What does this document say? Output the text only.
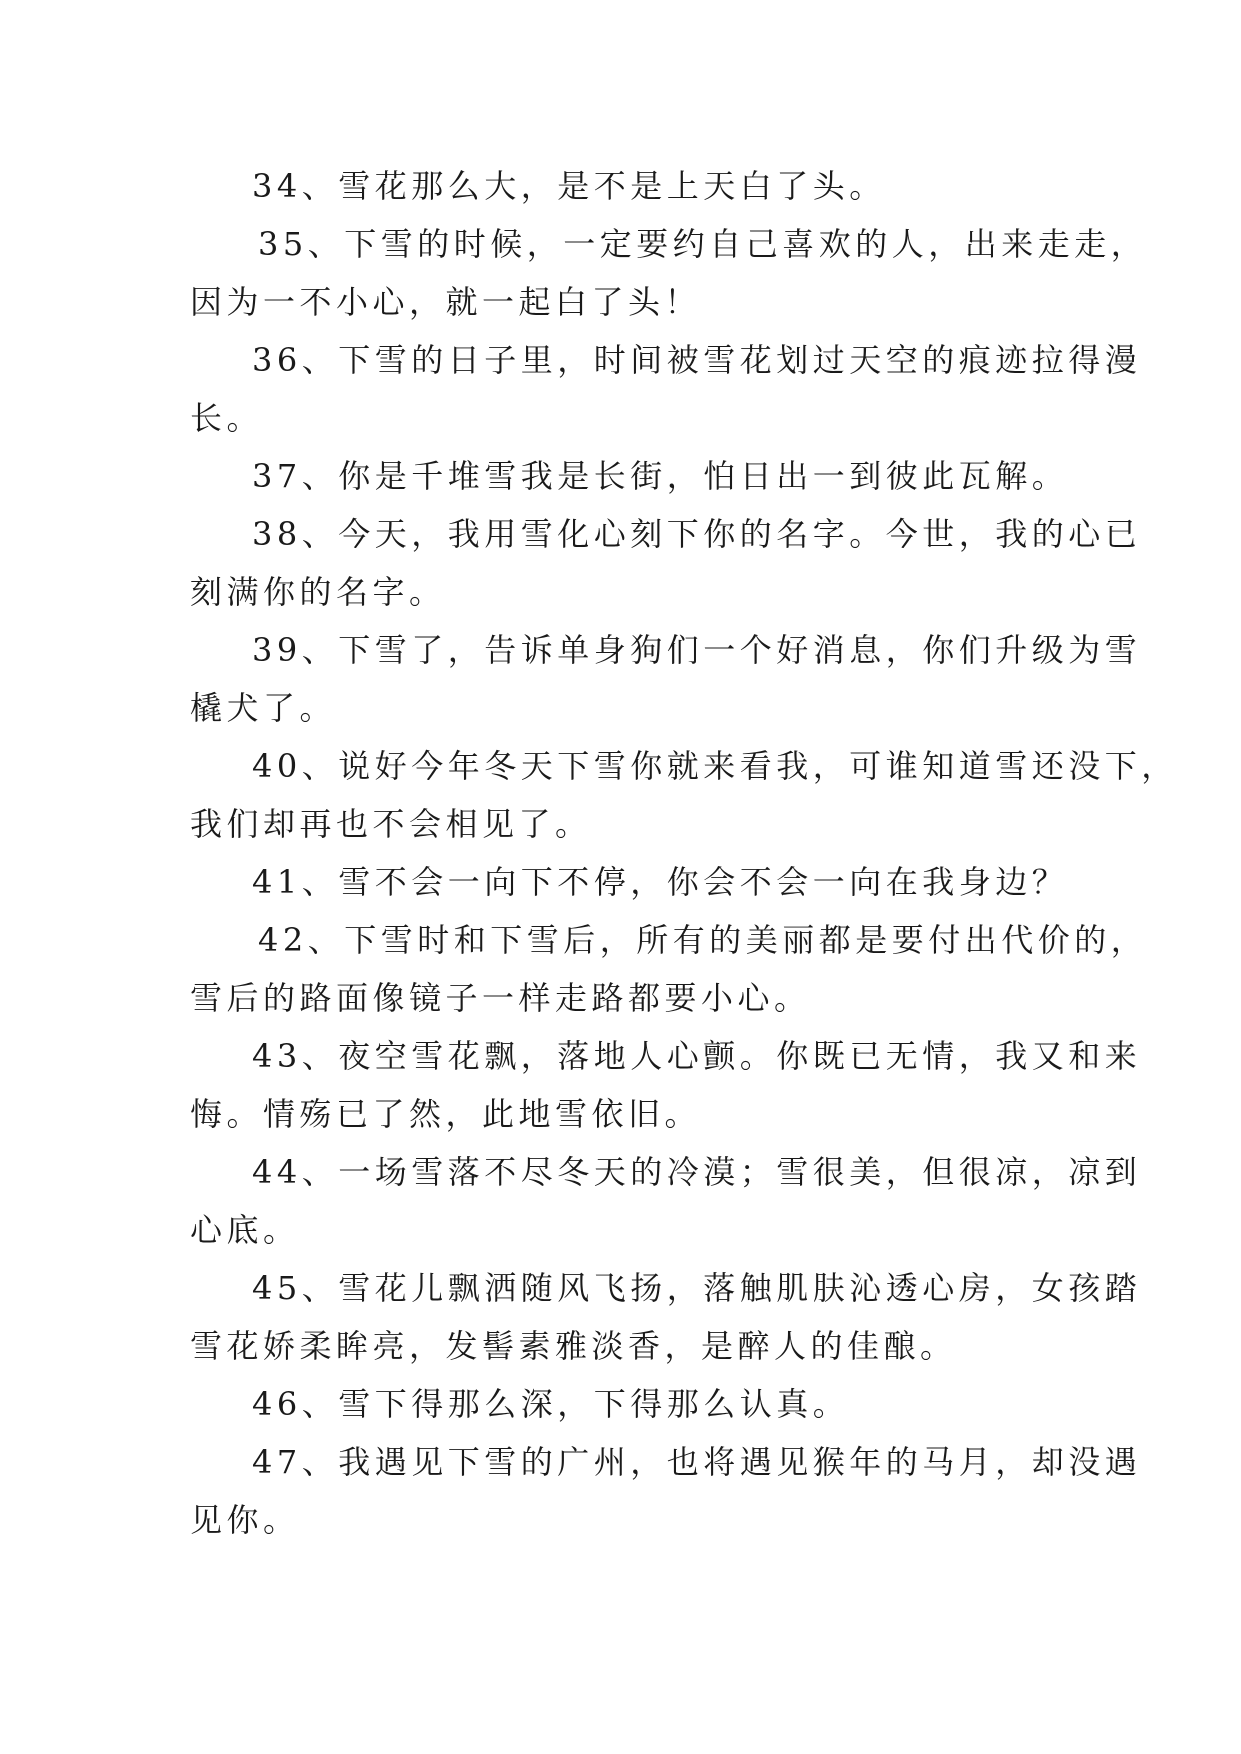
34、雪花那么大，是不是上天白了头。
35、下雪的时候，一定要约自己喜欢的人，出来走走，
因为一不小心，就一起白了头！
36、下雪的日子里，时间被雪花划过天空的痕迹拉得漫
长。
37、你是千堆雪我是长街，怕日出一到彼此瓦解。
38、今天，我用雪化心刻下你的名字。今世，我的心已
刻满你的名字。
39、下雪了，告诉单身狗们一个好消息，你们升级为雪
橇犬了。
40、说好今年冬天下雪你就来看我，可谁知道雪还没下，
我们却再也不会相见了。
41、雪不会一向下不停，你会不会一向在我身边？
42、下雪时和下雪后，所有的美丽都是要付出代价的，
雪后的路面像镜子一样走路都要小心。
43、夜空雪花飘，落地人心颤。你既已无情，我又和来
悔。情殇已了然，此地雪依旧。
44、一场雪落不尽冬天的冷漠；雪很美，但很凉，凉到
心底。
45、雪花儿飘洒随风飞扬，落触肌肤沁透心房，女孩踏
雪花娇柔眸亮，发髻素雅淡香，是醉人的佳酿。
46、雪下得那么深，下得那么认真。
47、我遇见下雪的广州，也将遇见猴年的马月，却没遇
见你。
